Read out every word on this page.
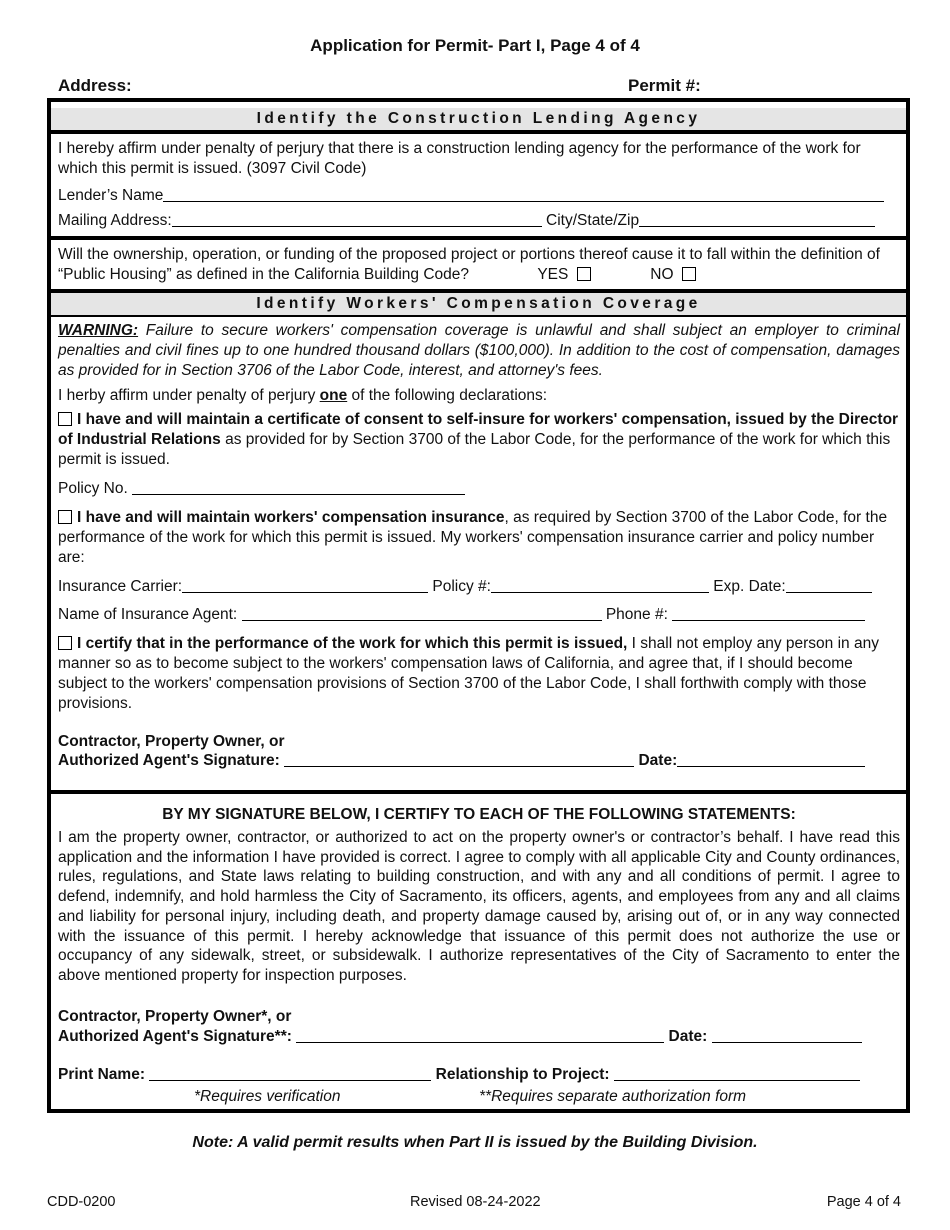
Application for Permit- Part I, Page 4 of 4
Address:	Permit #:
Identify the Construction Lending Agency
I hereby affirm under penalty of perjury that there is a construction lending agency for the performance of the work for which this permit is issued. (3097 Civil Code)
Lender’s Name
Mailing Address:	City/State/Zip
Will the ownership, operation, or funding of the proposed project or portions thereof cause it to fall within the definition of “Public Housing” as defined in the California Building Code?	YES	NO
Identify Workers' Compensation Coverage
WARNING: Failure to secure workers' compensation coverage is unlawful and shall subject an employer to criminal penalties and civil fines up to one hundred thousand dollars ($100,000). In addition to the cost of compensation, damages as provided for in Section 3706 of the Labor Code, interest, and attorney's fees.
I herby affirm under penalty of perjury one of the following declarations:
I have and will maintain a certificate of consent to self-insure for workers' compensation, issued by the Director of Industrial Relations as provided for by Section 3700 of the Labor Code, for the performance of the work for which this permit is issued.
Policy No.
I have and will maintain workers' compensation insurance, as required by Section 3700 of the Labor Code, for the performance of the work for which this permit is issued. My workers' compensation insurance carrier and policy number are:
Insurance Carrier:	Policy #:	Exp. Date:
Name of Insurance Agent:	Phone #:
I certify that in the performance of the work for which this permit is issued, I shall not employ any person in any manner so as to become subject to the workers' compensation laws of California, and agree that, if I should become subject to the workers' compensation provisions of Section 3700 of the Labor Code, I shall forthwith comply with those provisions.
Contractor, Property Owner, or
Authorized Agent's Signature:	Date:
BY MY SIGNATURE BELOW, I CERTIFY TO EACH OF THE FOLLOWING STATEMENTS:
I am the property owner, contractor, or authorized to act on the property owner's or contractor’s behalf. I have read this application and the information I have provided is correct. I agree to comply with all applicable City and County ordinances, rules, regulations, and State laws relating to building construction, and with any and all conditions of permit. I agree to defend, indemnify, and hold harmless the City of Sacramento, its officers, agents, and employees from any and all claims and liability for personal injury, including death, and property damage caused by, arising out of, or in any way connected with the issuance of this permit. I hereby acknowledge that issuance of this permit does not authorize the use or occupancy of any sidewalk, street, or subsidewalk. I authorize representatives of the City of Sacramento to enter the above mentioned property for inspection purposes.
Contractor, Property Owner*, or
Authorized Agent's Signature**:	Date:
Print Name:	Relationship to Project:
*Requires verification	**Requires separate authorization form
Note: A valid permit results when Part II is issued by the Building Division.
CDD-0200	Revised 08-24-2022	Page 4 of 4
